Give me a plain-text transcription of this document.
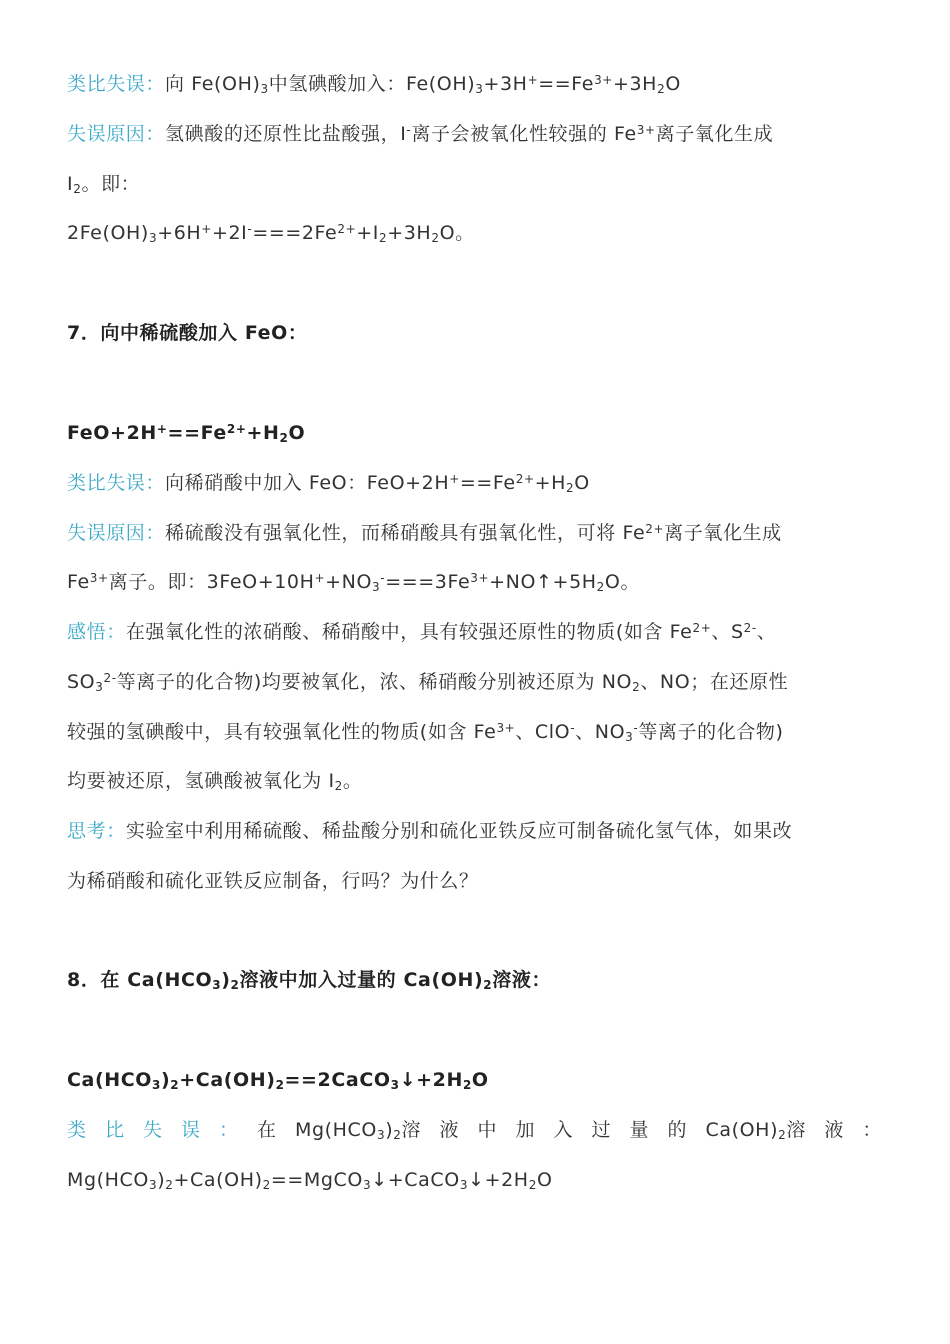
类比失误：向 $Fe(OH)_3$中氢碘酸加入：$Fe(OH)_3+3H^+==Fe^{3+}+3H_2O$
失误原因：氢碘酸的还原性比盐酸强，I-离子会被氧化性较强的 $Fe^{3+}$离子氧化生成
$I_2$。即：
$2Fe(OH)_3+6H^++2I^-===2Fe^{2+}+I_2+3H_2O$。
7．向中稀硫酸加入 FeO：
$FeO+2H^+==Fe^{2+}+H_2O$
类比失误：向稀硝酸中加入 FeO：$FeO+2H^+==Fe^{2+}+H_2O$
失误原因：稀硫酸没有强氧化性，而稀硝酸具有强氧化性，可将 $Fe^{2+}$离子氧化生成
$Fe^{3+}$离子。即：$3FeO+10H^++NO_3^-===3Fe^{3+}+NO↑+5H_2O$。
感悟：在强氧化性的浓硝酸、稀硝酸中，具有较强还原性的物质(如含 $Fe^{2+}$、$S^{2-}$、
$SO_3^{2-}$等离子的化合物)均要被氧化，浓、稀硝酸分别被还原为 $NO_2$、NO；在还原性
较强的氢碘酸中，具有较强氧化性的物质(如含 $Fe^{3+}$、ClO-、$NO_3^-$等离子的化合物)
均要被还原，氢碘酸被氧化为 $I_2$。
思考：实验室中利用稀硫酸、稀盐酸分别和硫化亚铁反应可制备硫化氢气体，如果改
为稀硝酸和硫化亚铁反应制备，行吗？为什么？
8．在 $Ca(HCO_3)_2$溶液中加入过量的 $Ca(OH)_2$溶液：
$Ca(HCO_3)_2+Ca(OH)_2==2CaCO_3↓+2H_2O$
类 比 失 误 ： 在 $Mg(HCO_3)_2$溶 液 中 加 入 过 量 的 $Ca(OH)_2$溶 液 ：
$Mg(HCO_3)_2+Ca(OH)_2==MgCO_3↓+CaCO_3↓+2H_2O$
